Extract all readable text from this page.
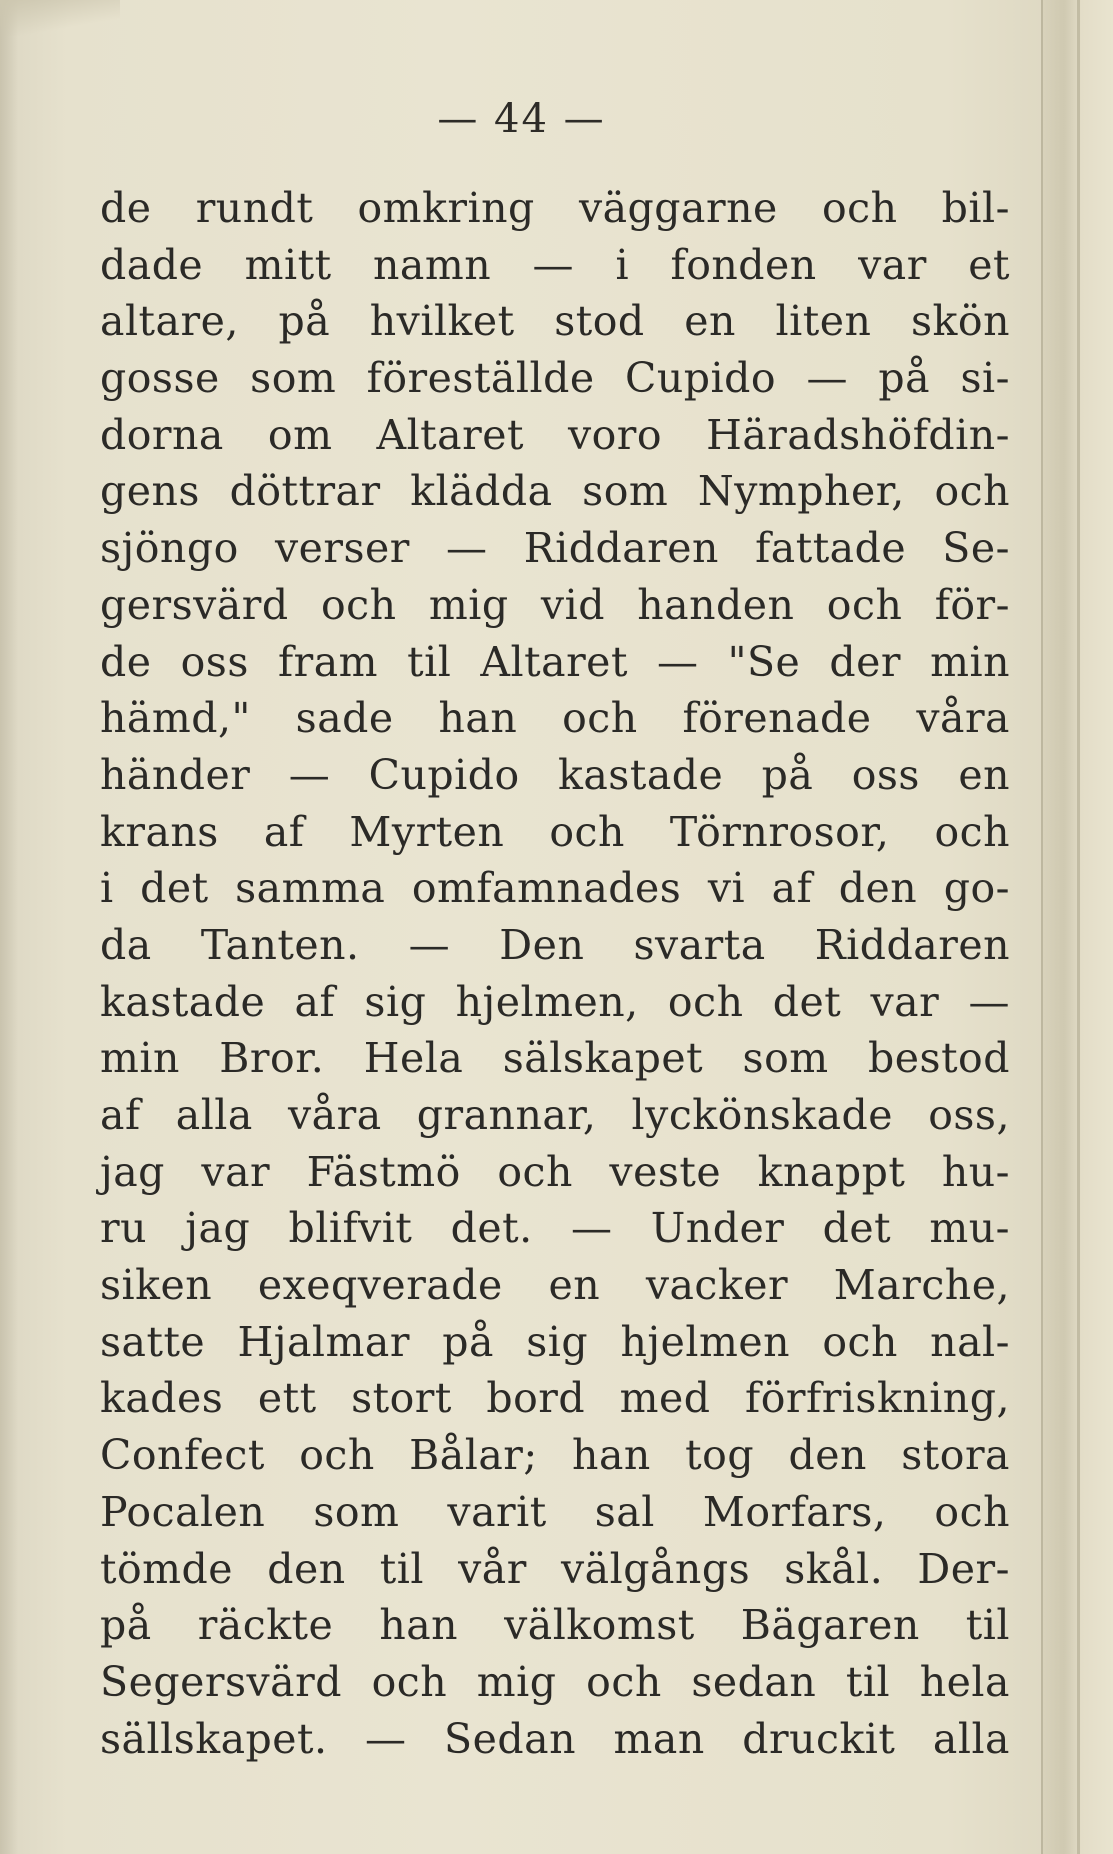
— 44 —
de rundt omkring väggarne och bil-
dade mitt namn — i fonden var et
altare, på hvilket stod en liten skön
gosse som föreställde Cupido — på si-
dorna om Altaret voro Häradshöfdin-
gens döttrar klädda som Nympher, och
sjöngo verser — Riddaren fattade Se-
gersvärd och mig vid handen och för-
de oss fram til Altaret — "Se der min
hämd," sade han och förenade våra
händer — Cupido kastade på oss en
krans af Myrten och Törnrosor, och
i det samma omfamnades vi af den go-
da Tanten. — Den svarta Riddaren
kastade af sig hjelmen, och det var —
min Bror. Hela sälskapet som bestod
af alla våra grannar, lyckönskade oss,
jag var Fästmö och veste knappt hu-
ru jag blifvit det. — Under det mu-
siken exeqverade en vacker Marche,
satte Hjalmar på sig hjelmen och nal-
kades ett stort bord med förfriskning,
Confect och Bålar; han tog den stora
Pocalen som varit sal Morfars, och
tömde den til vår välgångs skål. Der-
på räckte han välkomst Bägaren til
Segersvärd och mig och sedan til hela
sällskapet. — Sedan man druckit alla
